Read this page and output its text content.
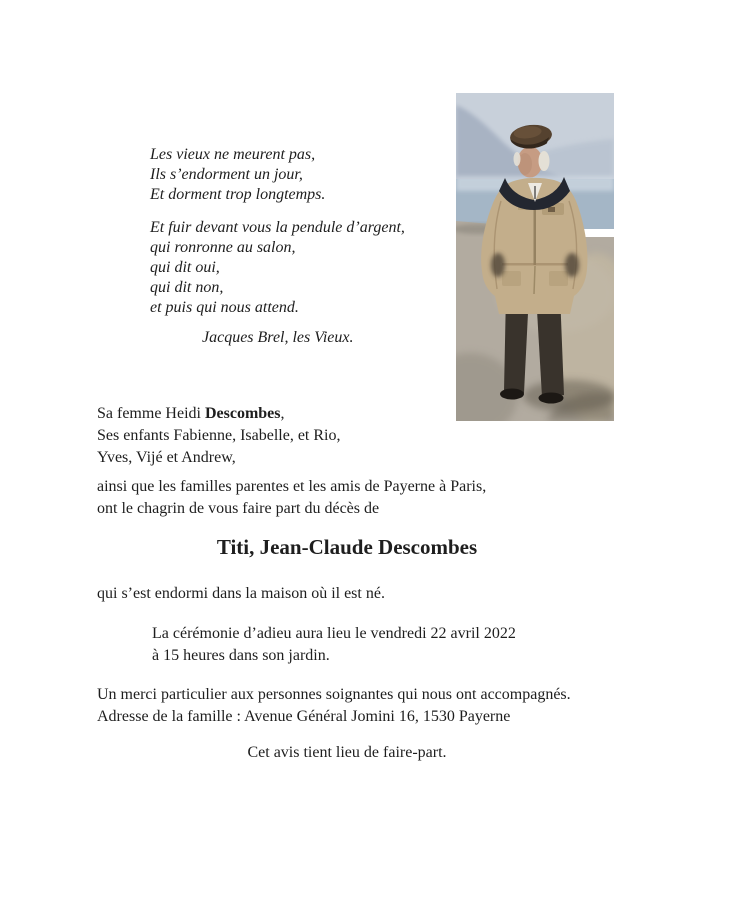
Les vieux ne meurent pas,
Ils s’endorment un jour,
Et dorment trop longtemps.
Et fuir devant vous la pendule d’argent,
qui ronronne au salon,
qui dit oui,
qui dit non,
et puis qui nous attend.
Jacques Brel, les Vieux.
Sa femme Heidi Descombes,
Ses enfants Fabienne, Isabelle, et Rio,
Yves, Vijé et Andrew,
ainsi que les familles parentes et les amis de Payerne à Paris,
ont le chagrin de vous faire part du décès de
Titi, Jean-Claude Descombes
qui s’est endormi dans la maison où il est né.
La cérémonie d’adieu aura lieu le vendredi 22 avril 2022
à 15 heures dans son jardin.
Un merci particulier aux personnes soignantes qui nous ont accompagnés.
Adresse de la famille : Avenue Général Jomini 16, 1530 Payerne
Cet avis tient lieu de faire-part.
